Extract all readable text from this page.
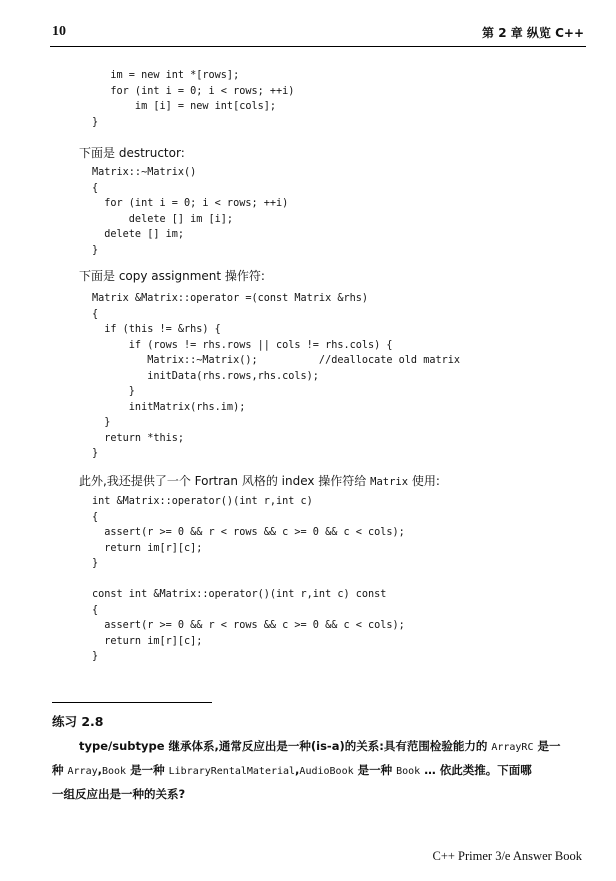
10	第 2 章 纵览 C++
im = new int *[rows];
for (int i = 0; i < rows; ++i)
im [i] = new int[cols];
}
下面是 destructor:
Matrix::~Matrix()
{
for (int i = 0; i < rows; ++i)
delete [] im [i];
delete [] im;
}
下面是 copy assignment 操作符:
Matrix &Matrix::operator =(const Matrix &rhs)
{
if (this != &rhs) {
if (rows != rhs.rows || cols != rhs.cols) {
Matrix::~Matrix();          //deallocate old matrix
initData(rhs.rows,rhs.cols);
}
initMatrix(rhs.im);
}
return *this;
}
此外,我还提供了一个 Fortran 风格的 index 操作符给 Matrix 使用:
int &Matrix::operator()(int r,int c)
{
assert(r >= 0 && r < rows && c >= 0 && c < cols);
return im[r][c];
}

const int &Matrix::operator()(int r,int c) const
{
assert(r >= 0 && r < rows && c >= 0 && c < cols);
return im[r][c];
}
练习 2.8
type/subtype 继承体系,通常反应出是一种(is-a)的关系:具有范围检验能力的 ArrayRC 是一
种 Array,Book 是一种 LibraryRentalMaterial,AudioBook 是一种 Book … 依此类推。下面哪
一组反应出是一种的关系?
C++ Primer 3/e Answer Book
